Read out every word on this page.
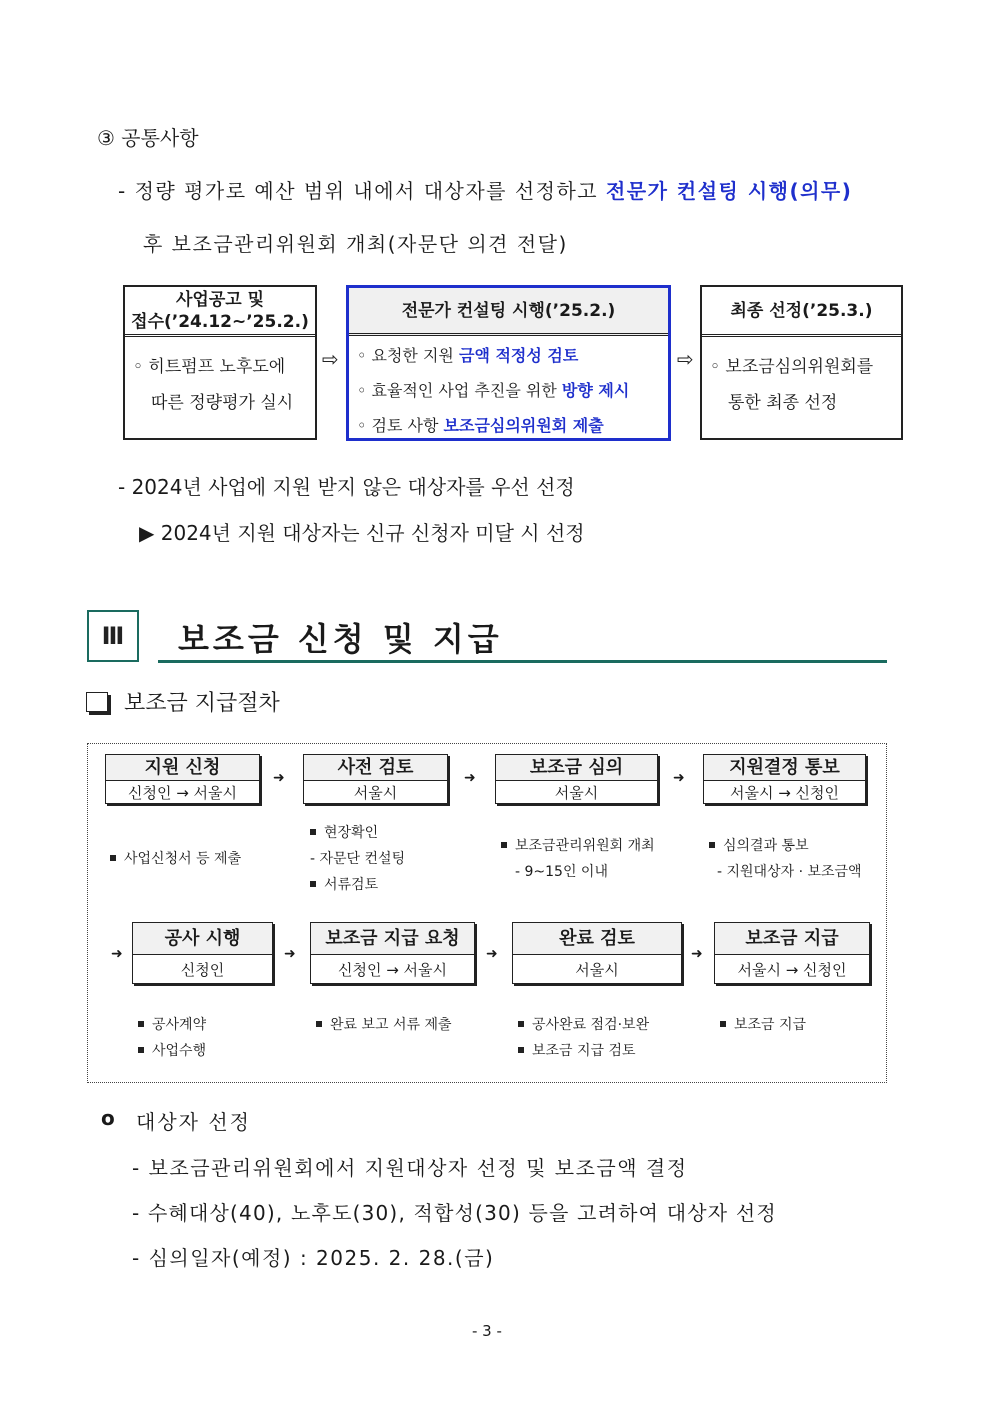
③ 공통사항
- 정량 평가로 예산 범위 내에서 대상자를 선정하고 전문가 컨설팅 시행(의무)
후 보조금관리위원회 개최(자문단 의견 전달)
사업공고 및
접수(’24.12~’25.2.)
◦ 히트펌프 노후도에
따른 정량평가 실시
⇨
전문가 컨설팅 시행(’25.2.)
◦ 요청한 지원 금액 적정성 검토
◦ 효율적인 사업 추진을 위한 방향 제시
◦ 검토 사항 보조금심의위원회 제출
⇨
최종 선정(’25.3.)
◦ 보조금심의위원회를
통한 최종 선정
- 2024년 사업에 지원 받지 않은 대상자를 우선 선정
▶ 2024년 지원 대상자는 신규 신청자 미달 시 선정
Ⅲ	보조금 신청 및 지급
보조금 지급절차
지원 신청
신청인 → 서울시
➜	사전 검토
서울시
➜	보조금 심의
서울시
➜	지원결정 통보
서울시 → 신청인
사업신청서 등 제출
현장확인
- 자문단 컨설팅
서류검토
보조금관리위원회 개최
- 9~15인 이내
심의결과 통보
- 지원대상자 · 보조금액
➜
공사 시행
신청인
➜
보조금 지급 요청
신청인 → 서울시
➜
완료 검토
서울시
➜
보조금 지급
서울시 → 신청인
공사계약
사업수행
완료 보고 서류 제출	공사완료 점검·보완
보조금 지급 검토
보조금 지급
o 대상자 선정
- 보조금관리위원회에서 지원대상자 선정 및 보조금액 결정
- 수혜대상(40), 노후도(30), 적합성(30) 등을 고려하여 대상자 선정
- 심의일자(예정) : 2025. 2. 28.(금)
- 3 -
